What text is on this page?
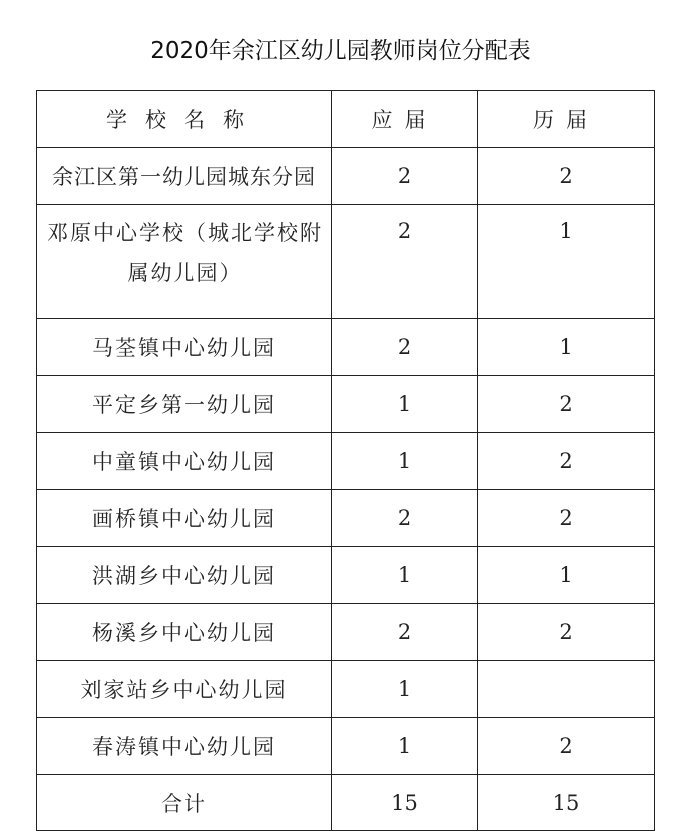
2020年余江区幼儿园教师岗位分配表
学校名称	应届	历届
余江区第一幼儿园城东分园	2	2
邓原中心学校（城北学校附属幼儿园）	2	1
马荃镇中心幼儿园	2	1
平定乡第一幼儿园	1	2
中童镇中心幼儿园	1	2
画桥镇中心幼儿园	2	2
洪湖乡中心幼儿园	1	1
杨溪乡中心幼儿园	2	2
刘家站乡中心幼儿园	1	
春涛镇中心幼儿园	1	2
合计	15	15
